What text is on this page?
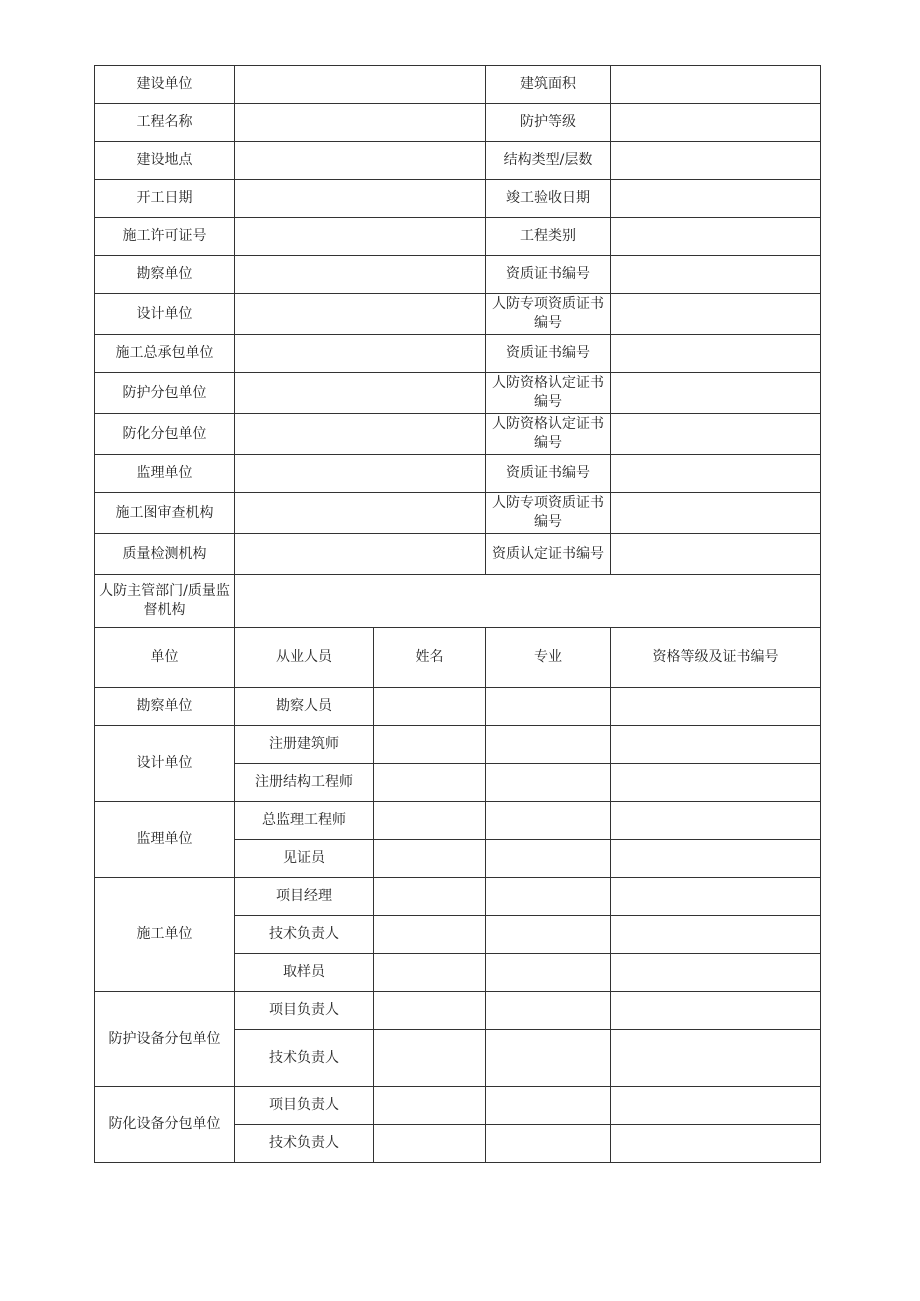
建设单位			建筑面积	
工程名称			防护等级	
建设地点			结构类型/层数	
开工日期			竣工验收日期	
施工许可证号			工程类别	
勘察单位			资质证书编号	
设计单位			人防专项资质证书编号	
施工总承包单位			资质证书编号	
防护分包单位			人防资格认定证书编号	
防化分包单位			人防资格认定证书编号	
监理单位			资质证书编号	
施工图审查机构			人防专项资质证书编号	
质量检测机构			资质认定证书编号	
人防主管部门/质量监督机构				
单位	从业人员	姓名	专业	资格等级及证书编号
勘察单位	勘察人员			
设计单位	注册建筑师			
	注册结构工程师			
监理单位	总监理工程师			
	见证员			
施工单位	项目经理			
	技术负责人			
	取样员			
防护设备分包单位	项目负责人			
	技术负责人			
防化设备分包单位	项目负责人			
	技术负责人			
